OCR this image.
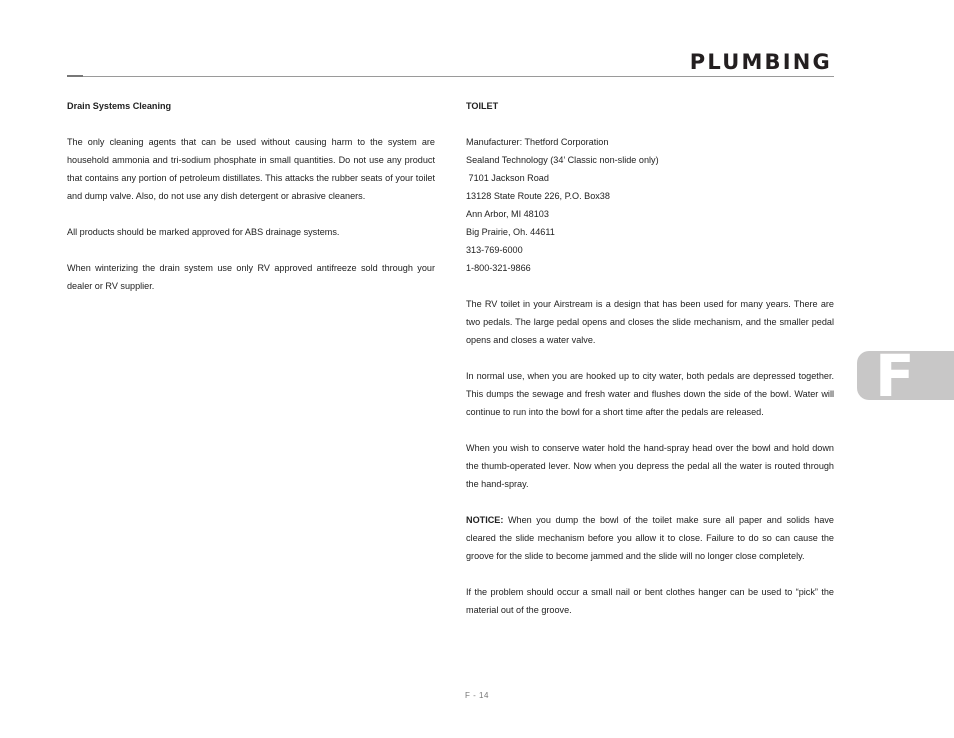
PLUMBING
Drain Systems Cleaning

The only cleaning agents that can be used without causing harm to the system are household ammonia and tri-sodium phosphate in small quantities. Do not use any product that contains any portion of petroleum distillates. This attacks the rubber seats of your toilet and dump valve. Also, do not use any dish detergent or abrasive cleaners.

All products should be marked approved for ABS drainage systems.

When winterizing the drain system use only RV approved antifreeze sold through your dealer or RV supplier.

TOILET
Manufacturer: Thetford Corporation
Sealand Technology (34’ Classic non-slide only)
7101 Jackson Road
13128 State Route 226, P.O. Box38
Ann Arbor, MI 48103
Big Prairie, Oh. 44611
313-769-6000
1-800-321-9866

The RV toilet in your Airstream is a design that has been used for many years. There are two pedals. The large pedal opens and closes the slide mechanism, and the smaller pedal opens and closes a water valve.

In normal use, when you are hooked up to city water, both pedals are depressed together. This dumps the sewage and fresh water and flushes down the side of the bowl. Water will continue to run into the bowl for a short time after the pedals are released.

When you wish to conserve water hold the hand-spray head over the bowl and hold down the thumb-operated lever. Now when you depress the pedal all the water is routed through the hand-spray.

NOTICE: When you dump the bowl of the toilet make sure all paper and solids have cleared the slide mechanism before you allow it to close. Failure to do so can cause the groove for the slide to become jammed and the slide will no longer close completely.

If the problem should occur a small nail or bent clothes hanger can be used to “pick” the material out of the groove.

F
F - 14
